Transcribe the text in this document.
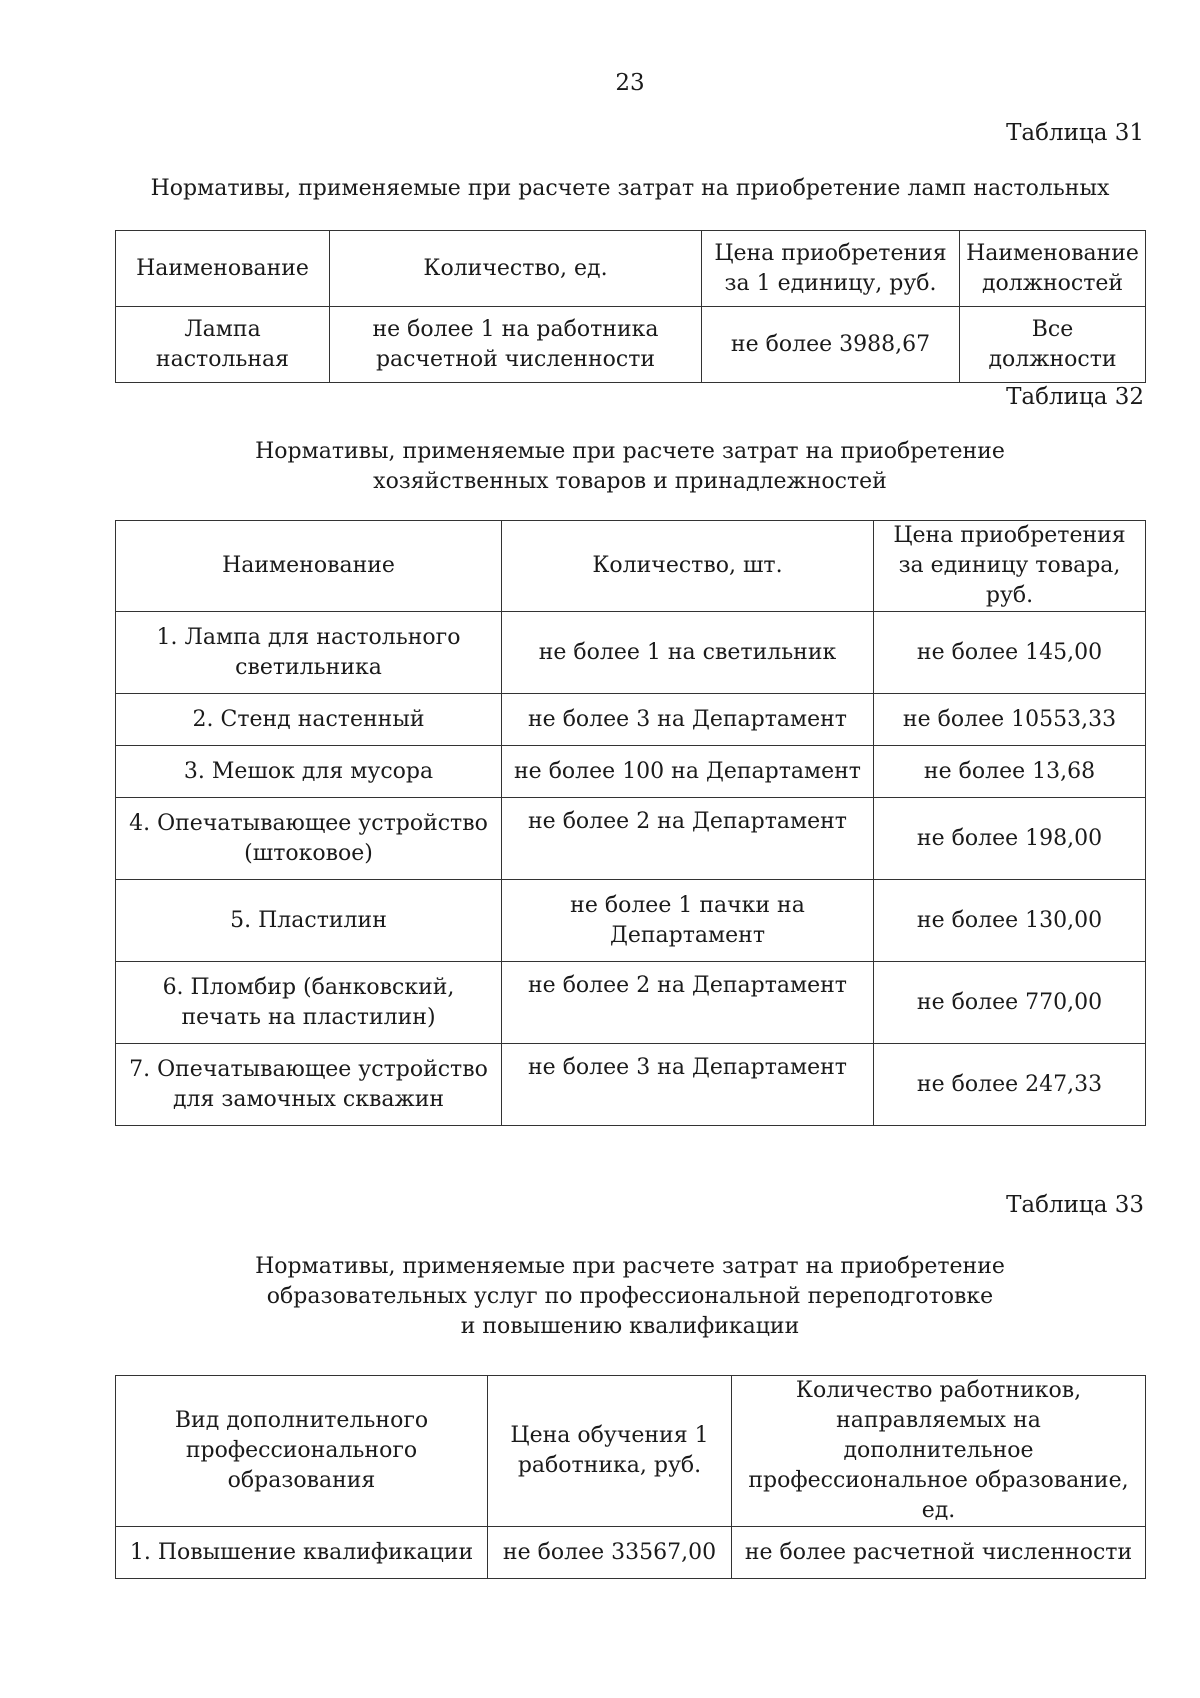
23
Таблица 31
Нормативы, применяемые при расчете затрат на приобретение ламп настольных
Наименование	Количество, ед.	Цена приобретения за 1 единицу, руб.	Наименование должностей
Лампа настольная	не более 1 на работника расчетной численности	не более 3988,67	Все должности
Таблица 32
Нормативы, применяемые при расчете затрат на приобретение
хозяйственных товаров и принадлежностей
Наименование	Количество, шт.	Цена приобретения за единицу товара, руб.
1. Лампа для настольного светильника	не более 1 на светильник	не более 145,00
2. Стенд настенный	не более 3 на Департамент	не более 10553,33
3. Мешок для мусора	не более 100 на Департамент	не более 13,68
4. Опечатывающее устройство (штоковое)	не более 2 на Департамент	не более 198,00
5. Пластилин	не более 1 пачки на Департамент	не более 130,00
6. Пломбир (банковский, печать на пластилин)	не более 2 на Департамент	не более 770,00
7. Опечатывающее устройство для замочных скважин	не более 3 на Департамент	не более 247,33
Таблица 33
Нормативы, применяемые при расчете затрат на приобретение
образовательных услуг по профессиональной переподготовке
и повышению квалификации
Вид дополнительного профессионального образования	Цена обучения 1 работника, руб.	Количество работников, направляемых на дополнительное профессиональное образование, ед.
1. Повышение квалификации	не более 33567,00	не более расчетной численности
